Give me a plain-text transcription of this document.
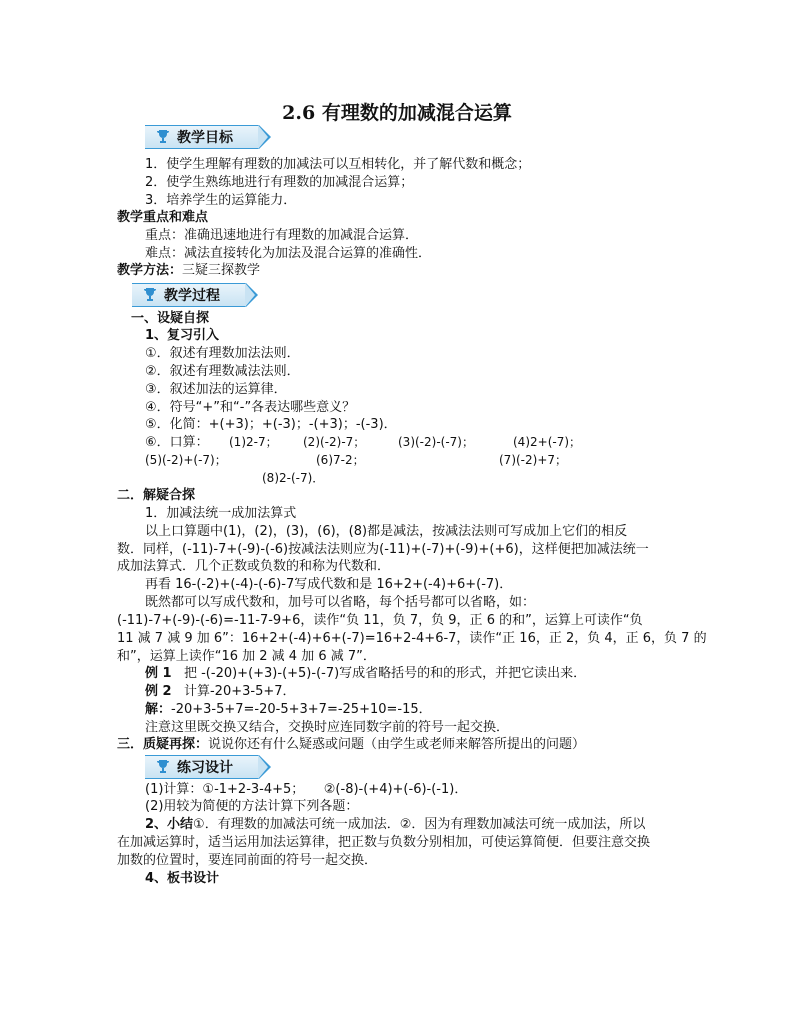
2.6 有理数的加减混合运算
教学目标
1．使学生理解有理数的加减法可以互相转化，并了解代数和概念；
2．使学生熟练地进行有理数的加减混合运算；
3．培养学生的运算能力．
教学重点和难点
重点：准确迅速地进行有理数的加减混合运算．
难点：减法直接转化为加法及混合运算的准确性．
教学方法：三疑三探教学
教学过程
一、设疑自探
1、复习引入
①．叙述有理数加法法则．
②．叙述有理数减法法则．
③．叙述加法的运算律．
④．符号“+”和“-”各表达哪些意义？
⑤．化简：+(+3)；+(-3)；-(+3)；-(-3)．
⑥．口算： (1)2-7； (2)(-2)-7；	(3)(-2)-(-7)；	(4)2+(-7)；
(5)(-2)+(-7)；	(6)7-2；	(7)(-2)+7；
(8)2-(-7)．
二．解疑合探
1．加减法统一成加法算式
以上口算题中(1)，(2)，(3)，(6)，(8)都是减法，按减法法则可写成加上它们的相反
数．同样，(-11)-7+(-9)-(-6)按减法法则应为(-11)+(-7)+(-9)+(+6)，这样便把加减法统一
成加法算式．几个正数或负数的和称为代数和．
再看 16-(-2)+(-4)-(-6)-7写成代数和是 16+2+(-4)+6+(-7)．
既然都可以写成代数和，加号可以省略，每个括号都可以省略，如：
(-11)-7+(-9)-(-6)=-11-7-9+6，读作“负 11，负 7，负 9，正 6 的和”，运算上可读作“负
11 减 7 减 9 加 6”：16+2+(-4)+6+(-7)=16+2-4+6-7，读作“正 16，正 2，负 4，正 6，负 7 的
和”，运算上读作“16 加 2 减 4 加 6 减 7”．
例 1 把 -(-20)+(+3)-(+5)-(-7)写成省略括号的和的形式，并把它读出来．
例 2 计算-20+3-5+7．
解：-20+3-5+7=-20-5+3+7=-25+10=-15．
注意这里既交换又结合，交换时应连同数字前的符号一起交换．
三．质疑再探：说说你还有什么疑惑或问题（由学生或老师来解答所提出的问题）
练习设计
(1)计算：①-1+2-3-4+5；　　②(-8)-(+4)+(-6)-(-1)．
(2)用较为简便的方法计算下列各题：
2、小结①．有理数的加减法可统一成加法．②．因为有理数加减法可统一成加法，所以
在加减运算时，适当运用加法运算律，把正数与负数分别相加，可使运算简便．但要注意交换
加数的位置时，要连同前面的符号一起交换．
4、板书设计
